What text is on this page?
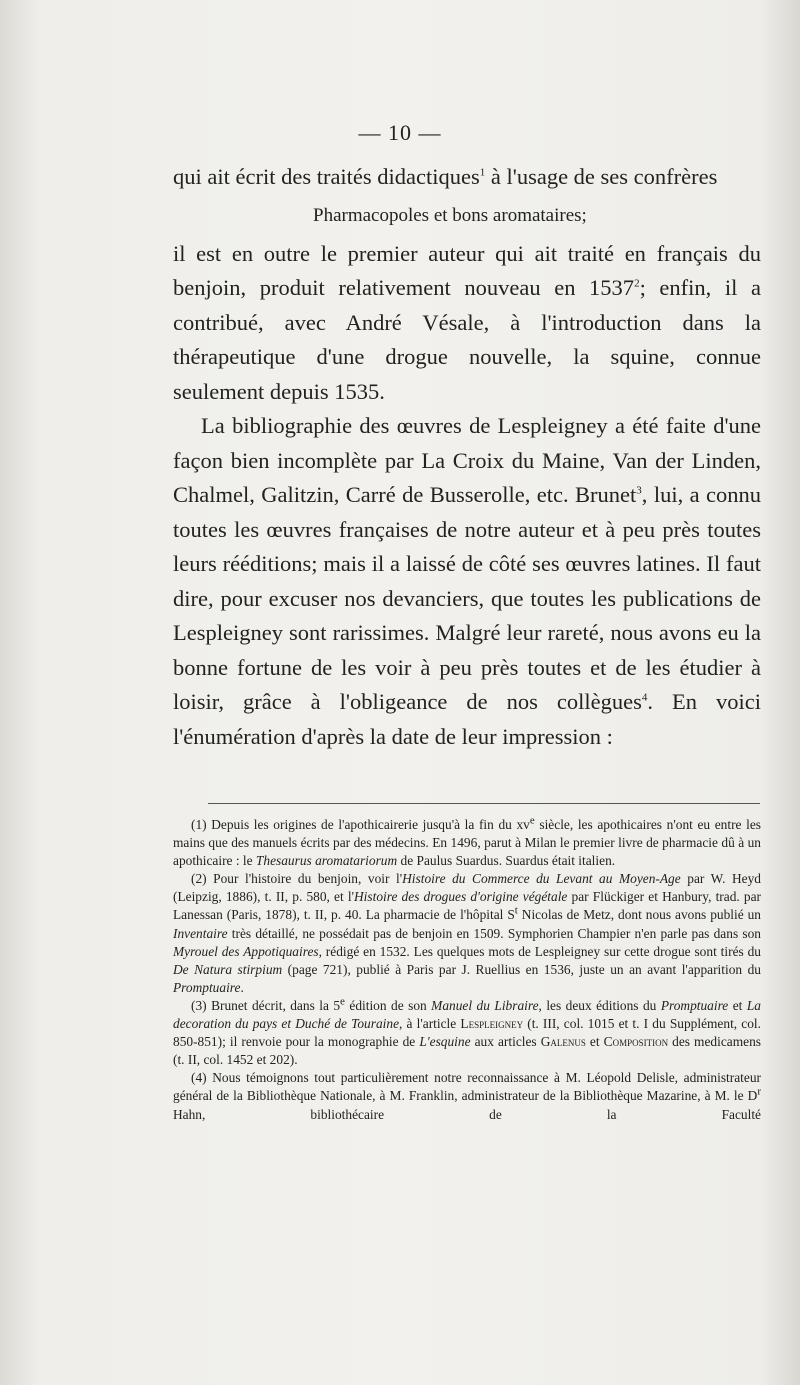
— 10 —

qui ait écrit des traités didactiques$^1$ à l'usage de ses confrères

Pharmacopoles et bons aromataires;

il est en outre le premier auteur qui ait traité en français du benjoin, produit relativement nouveau en 1537$^2$; enfin, il a contribué, avec André Vésale, à l'introduction dans la thérapeutique d'une drogue nouvelle, la squine, connue seulement depuis 1535.

La bibliographie des œuvres de Lespleigney a été faite d'une façon bien incomplète par La Croix du Maine, Van der Linden, Chalmel, Galitzin, Carré de Busserolle, etc. Brunet$^3$, lui, a connu toutes les œuvres françaises de notre auteur et à peu près toutes leurs rééditions; mais il a laissé de côté ses œuvres latines. Il faut dire, pour excuser nos devanciers, que toutes les publications de Lespleigney sont rarissimes. Malgré leur rareté, nous avons eu la bonne fortune de les voir à peu près toutes et de les étudier à loisir, grâce à l'obligeance de nos collègues$^4$. En voici l'énumération d'après la date de leur impression :

(1) Depuis les origines de l'apothicairerie jusqu'à la fin du $xv^e$ siècle, les apothicaires n'ont eu entre les mains que des manuels écrits par des médecins. En 1496, parut à Milan le premier livre de pharmacie dû à un apothicaire : le Thesaurus aromatariorum de Paulus Suardus. Suardus était italien.

(2) Pour l'histoire du benjoin, voir l'Histoire du Commerce du Levant au Moyen-Age par W. Heyd (Leipzig, 1886), t. II, p. 580, et l'Histoire des drogues d'origine végétale par Flückiger et Hanbury, trad. par Lanessan (Paris, 1878), t. II, p. 40. La pharmacie de l'hôpital $S^t$ Nicolas de Metz, dont nous avons publié un Inventaire très détaillé, ne possédait pas de benjoin en 1509. Symphorien Champier n'en parle pas dans son Myrouel des Appotiquaires, rédigé en 1532. Les quelques mots de Lespleigney sur cette drogue sont tirés du De Natura stirpium (page 721), publié à Paris par J. Ruellius en 1536, juste un an avant l'apparition du Promptuaire.

(3) Brunet décrit, dans la 5e édition de son Manuel du Libraire, les deux éditions du Promptuaire et La decoration du pays et Duché de Touraine, à l'article Lespleigney (t. III, col. 1015 et t. I du Supplément, col. 850-851); il renvoie pour la monographie de L'esquine aux articles Galenus et Composition des medicamens (t. II, col. 1452 et 202).

(4) Nous témoignons tout particulièrement notre reconnaissance à M. Léopold Delisle, administrateur général de la Bibliothèque Nationale, à M. Franklin, administrateur de la Bibliothèque Mazarine, à M. le $D^r$ Hahn, bibliothécaire de la Faculté
